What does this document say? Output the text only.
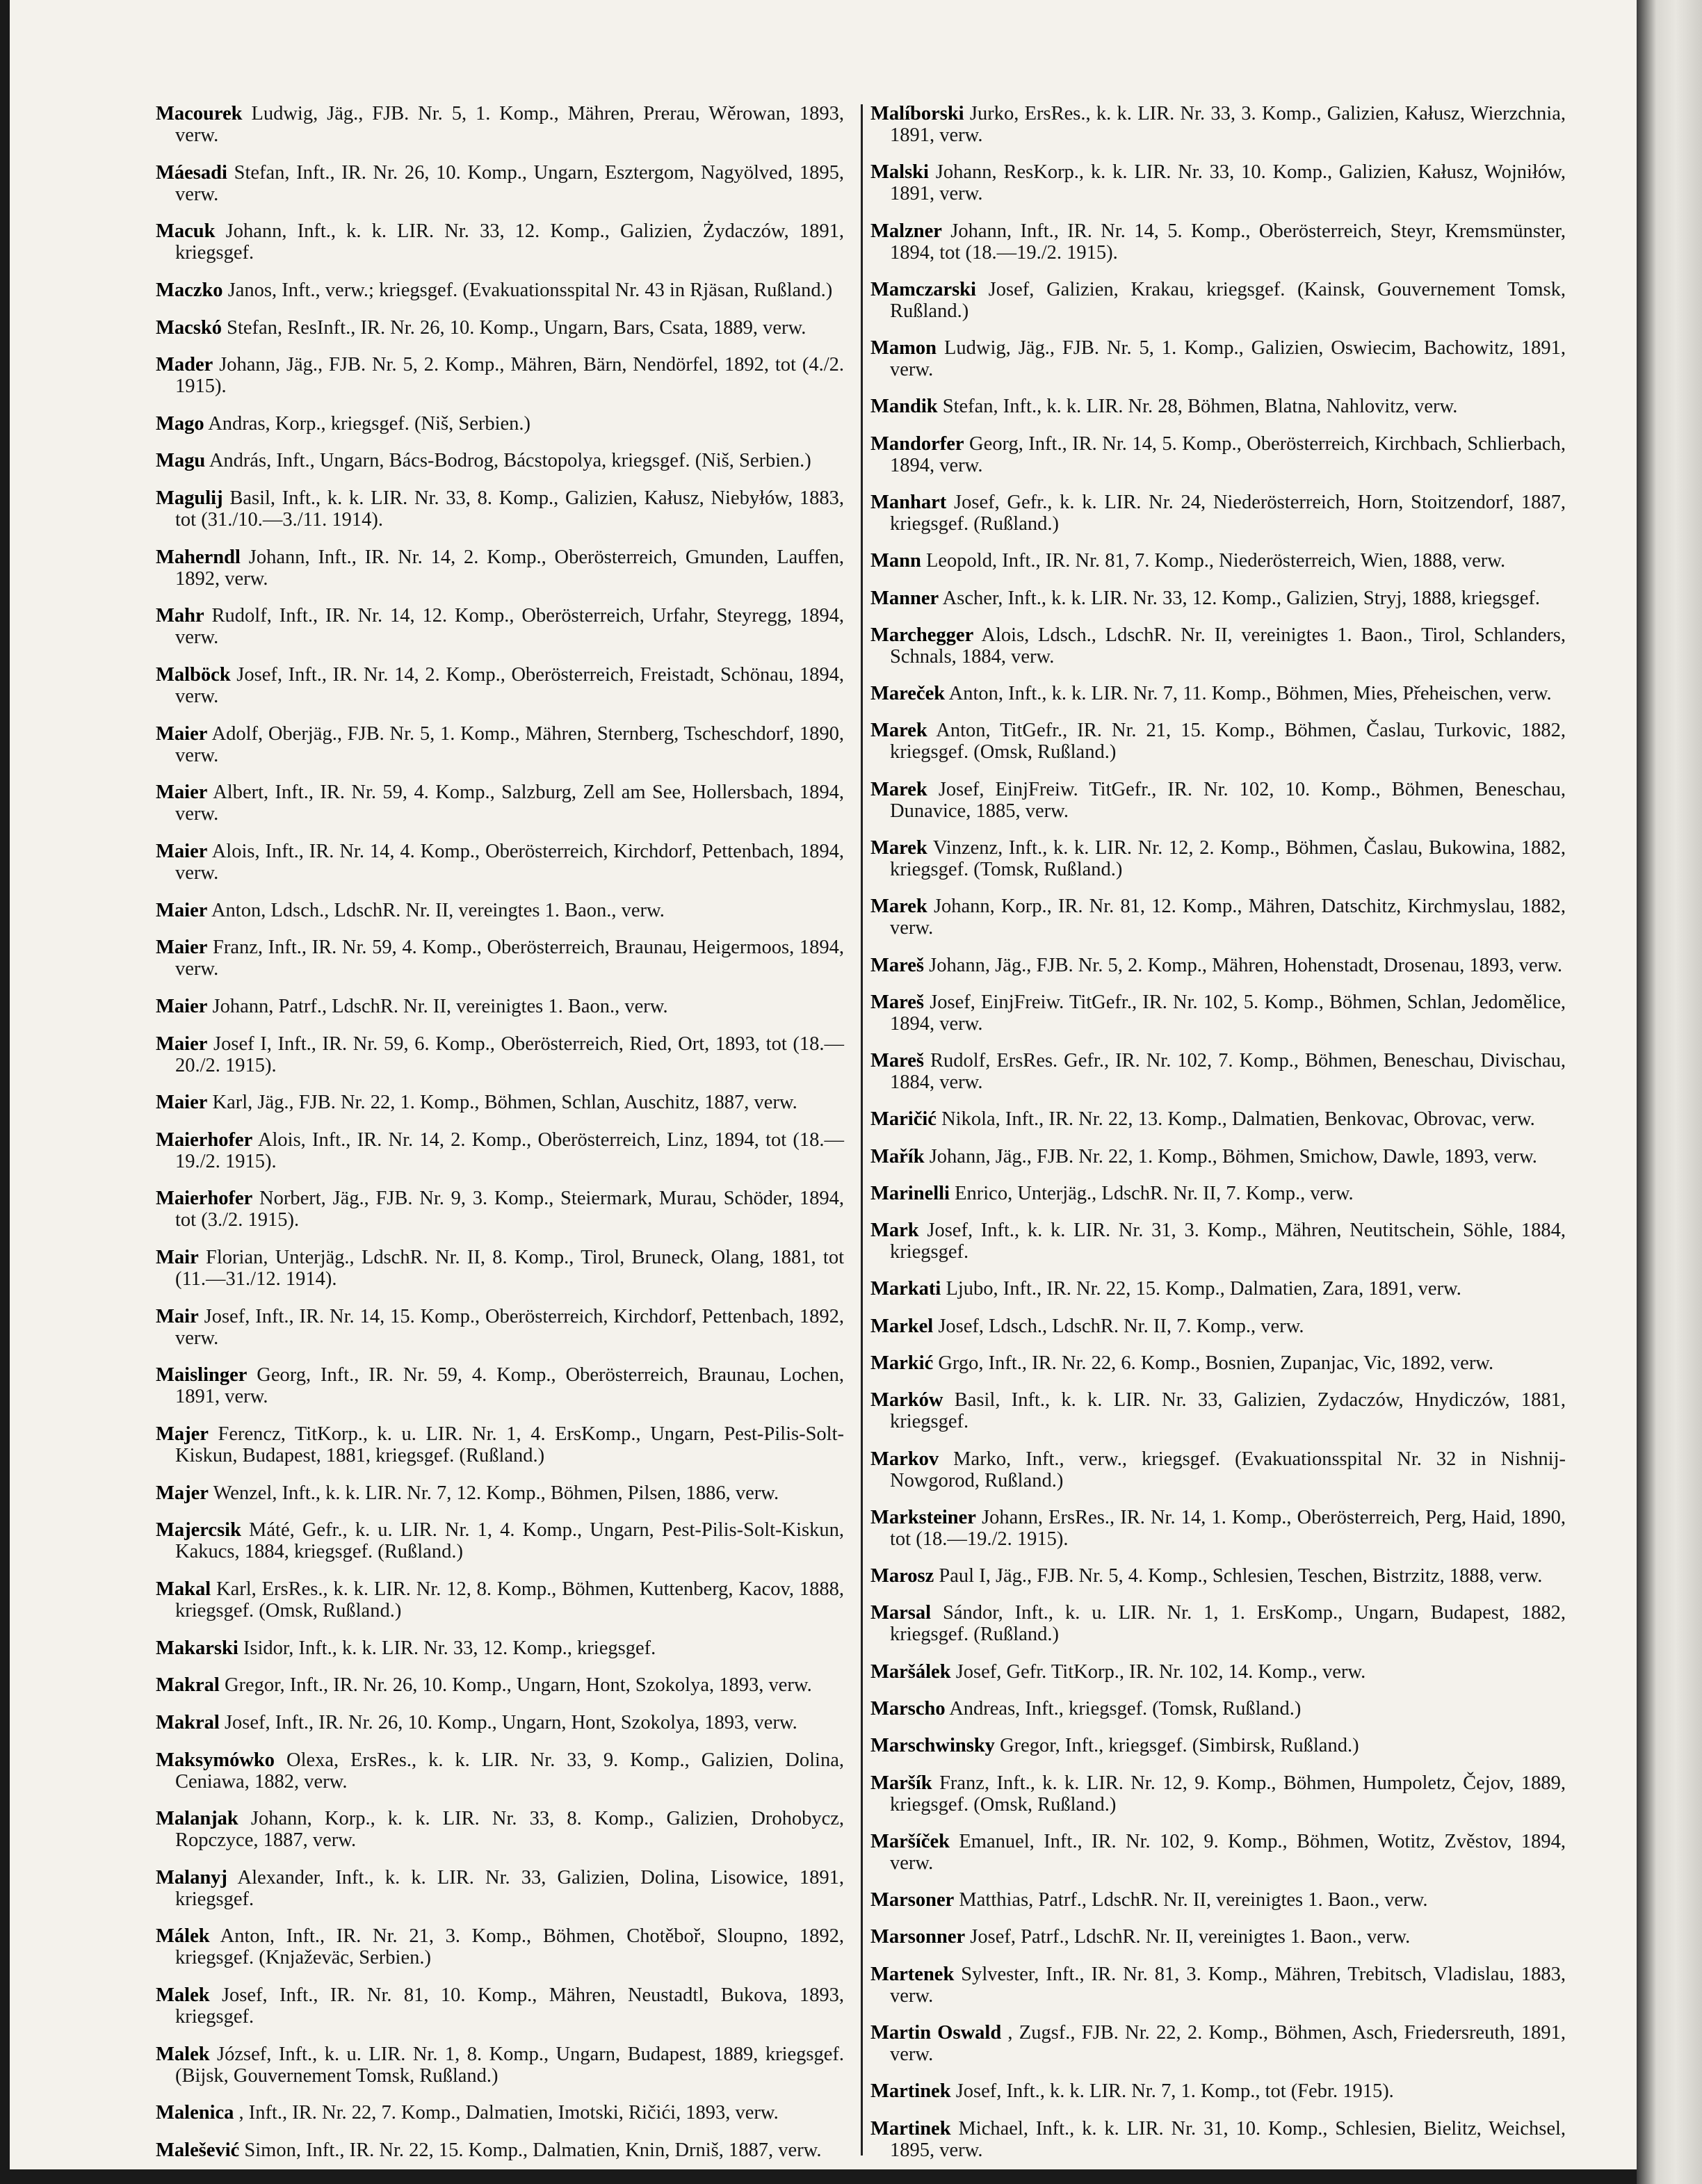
Macourek Ludwig, Jäg., FJB. Nr. 5, 1. Komp., Mähren, Prerau, Wěrowan, 1893, verw.
Máesadi Stefan, Inft., IR. Nr. 26, 10. Komp., Ungarn, Esztergom, Nagyölved, 1895, verw.
Macuk Johann, Inft., k. k. LIR. Nr. 33, 12. Komp., Galizien, Żydaczów, 1891, kriegsgef.
Maczko Janos, Inft., verw.; kriegsgef. (Evakuationsspital Nr. 43 in Rjäsan, Rußland.)
Macskó Stefan, ResInft., IR. Nr. 26, 10. Komp., Ungarn, Bars, Csata, 1889, verw.
Mader Johann, Jäg., FJB. Nr. 5, 2. Komp., Mähren, Bärn, Nendörfel, 1892, tot (4./2. 1915).
Mago Andras, Korp., kriegsgef. (Niš, Serbien.)
Magu András, Inft., Ungarn, Bács-Bodrog, Bácstopolya, kriegsgef. (Niš, Serbien.)
Magulij Basil, Inft., k. k. LIR. Nr. 33, 8. Komp., Galizien, Kałusz, Niebyłów, 1883, tot (31./10.—3./11. 1914).
Maherndl Johann, Inft., IR. Nr. 14, 2. Komp., Oberösterreich, Gmunden, Lauffen, 1892, verw.
Mahr Rudolf, Inft., IR. Nr. 14, 12. Komp., Oberösterreich, Urfahr, Steyregg, 1894, verw.
Malböck Josef, Inft., IR. Nr. 14, 2. Komp., Oberösterreich, Freistadt, Schönau, 1894, verw.
Maier Adolf, Oberjäg., FJB. Nr. 5, 1. Komp., Mähren, Sternberg, Tscheschdorf, 1890, verw.
Maier Albert, Inft., IR. Nr. 59, 4. Komp., Salzburg, Zell am See, Hollersbach, 1894, verw.
Maier Alois, Inft., IR. Nr. 14, 4. Komp., Oberösterreich, Kirchdorf, Pettenbach, 1894, verw.
Maier Anton, Ldsch., LdschR. Nr. II, vereingtes 1. Baon., verw.
Maier Franz, Inft., IR. Nr. 59, 4. Komp., Oberösterreich, Braunau, Heigermoos, 1894, verw.
Maier Johann, Patrf., LdschR. Nr. II, vereinigtes 1. Baon., verw.
Maier Josef I, Inft., IR. Nr. 59, 6. Komp., Oberösterreich, Ried, Ort, 1893, tot (18.—20./2. 1915).
Maier Karl, Jäg., FJB. Nr. 22, 1. Komp., Böhmen, Schlan, Auschitz, 1887, verw.
Maierhofer Alois, Inft., IR. Nr. 14, 2. Komp., Oberösterreich, Linz, 1894, tot (18.—19./2. 1915).
Maierhofer Norbert, Jäg., FJB. Nr. 9, 3. Komp., Steiermark, Murau, Schöder, 1894, tot (3./2. 1915).
Mair Florian, Unterjäg., LdschR. Nr. II, 8. Komp., Tirol, Bruneck, Olang, 1881, tot (11.—31./12. 1914).
Mair Josef, Inft., IR. Nr. 14, 15. Komp., Oberösterreich, Kirchdorf, Pettenbach, 1892, verw.
Maislinger Georg, Inft., IR. Nr. 59, 4. Komp., Oberösterreich, Braunau, Lochen, 1891, verw.
Majer Ferencz, TitKorp., k. u. LIR. Nr. 1, 4. ErsKomp., Ungarn, Pest-Pilis-Solt-Kiskun, Budapest, 1881, kriegsgef. (Rußland.)
Majer Wenzel, Inft., k. k. LIR. Nr. 7, 12. Komp., Böhmen, Pilsen, 1886, verw.
Majercsik Máté, Gefr., k. u. LIR. Nr. 1, 4. Komp., Ungarn, Pest-Pilis-Solt-Kiskun, Kakucs, 1884, kriegsgef. (Rußland.)
Makal Karl, ErsRes., k. k. LIR. Nr. 12, 8. Komp., Böhmen, Kuttenberg, Kacov, 1888, kriegsgef. (Omsk, Rußland.)
Makarski Isidor, Inft., k. k. LIR. Nr. 33, 12. Komp., kriegsgef.
Makral Gregor, Inft., IR. Nr. 26, 10. Komp., Ungarn, Hont, Szokolya, 1893, verw.
Makral Josef, Inft., IR. Nr. 26, 10. Komp., Ungarn, Hont, Szokolya, 1893, verw.
Maksymówko Olexa, ErsRes., k. k. LIR. Nr. 33, 9. Komp., Galizien, Dolina, Ceniawa, 1882, verw.
Malanjak Johann, Korp., k. k. LIR. Nr. 33, 8. Komp., Galizien, Drohobycz, Ropczyce, 1887, verw.
Malanyj Alexander, Inft., k. k. LIR. Nr. 33, Galizien, Dolina, Lisowice, 1891, kriegsgef.
Málek Anton, Inft., IR. Nr. 21, 3. Komp., Böhmen, Chotěboř, Sloupno, 1892, kriegsgef. (Knjaževäc, Serbien.)
Malek Josef, Inft., IR. Nr. 81, 10. Komp., Mähren, Neustadtl, Bukova, 1893, kriegsgef.
Malek József, Inft., k. u. LIR. Nr. 1, 8. Komp., Ungarn, Budapest, 1889, kriegsgef. (Bijsk, Gouvernement Tomsk, Rußland.)
Malenica , Inft., IR. Nr. 22, 7. Komp., Dalmatien, Imotski, Ričići, 1893, verw.
Malešević Simon, Inft., IR. Nr. 22, 15. Komp., Dalmatien, Knin, Drniš, 1887, verw.
Malíborski Jurko, ErsRes., k. k. LIR. Nr. 33, 3. Komp., Galizien, Kałusz, Wierzchnia, 1891, verw.
Malski Johann, ResKorp., k. k. LIR. Nr. 33, 10. Komp., Galizien, Kałusz, Wojniłów, 1891, verw.
Malzner Johann, Inft., IR. Nr. 14, 5. Komp., Oberösterreich, Steyr, Kremsmünster, 1894, tot (18.—19./2. 1915).
Mamczarski Josef, Galizien, Krakau, kriegsgef. (Kainsk, Gouvernement Tomsk, Rußland.)
Mamon Ludwig, Jäg., FJB. Nr. 5, 1. Komp., Galizien, Oswiecim, Bachowitz, 1891, verw.
Mandik Stefan, Inft., k. k. LIR. Nr. 28, Böhmen, Blatna, Nahlovitz, verw.
Mandorfer Georg, Inft., IR. Nr. 14, 5. Komp., Oberösterreich, Kirchbach, Schlierbach, 1894, verw.
Manhart Josef, Gefr., k. k. LIR. Nr. 24, Niederösterreich, Horn, Stoitzendorf, 1887, kriegsgef. (Rußland.)
Mann Leopold, Inft., IR. Nr. 81, 7. Komp., Niederösterreich, Wien, 1888, verw.
Manner Ascher, Inft., k. k. LIR. Nr. 33, 12. Komp., Galizien, Stryj, 1888, kriegsgef.
Marchegger Alois, Ldsch., LdschR. Nr. II, vereinigtes 1. Baon., Tirol, Schlanders, Schnals, 1884, verw.
Mareček Anton, Inft., k. k. LIR. Nr. 7, 11. Komp., Böhmen, Mies, Přeheischen, verw.
Marek Anton, TitGefr., IR. Nr. 21, 15. Komp., Böhmen, Časlau, Turkovic, 1882, kriegsgef. (Omsk, Rußland.)
Marek Josef, EinjFreiw. TitGefr., IR. Nr. 102, 10. Komp., Böhmen, Beneschau, Dunavice, 1885, verw.
Marek Vinzenz, Inft., k. k. LIR. Nr. 12, 2. Komp., Böhmen, Časlau, Bukowina, 1882, kriegsgef. (Tomsk, Rußland.)
Marek Johann, Korp., IR. Nr. 81, 12. Komp., Mähren, Datschitz, Kirchmyslau, 1882, verw.
Mareš Johann, Jäg., FJB. Nr. 5, 2. Komp., Mähren, Hohenstadt, Drosenau, 1893, verw.
Mareš Josef, EinjFreiw. TitGefr., IR. Nr. 102, 5. Komp., Böhmen, Schlan, Jedomělice, 1894, verw.
Mareš Rudolf, ErsRes. Gefr., IR. Nr. 102, 7. Komp., Böhmen, Beneschau, Divischau, 1884, verw.
Maričić Nikola, Inft., IR. Nr. 22, 13. Komp., Dalmatien, Benkovac, Obrovac, verw.
Mařík Johann, Jäg., FJB. Nr. 22, 1. Komp., Böhmen, Smichow, Dawle, 1893, verw.
Marinelli Enrico, Unterjäg., LdschR. Nr. II, 7. Komp., verw.
Mark Josef, Inft., k. k. LIR. Nr. 31, 3. Komp., Mähren, Neutitschein, Söhle, 1884, kriegsgef.
Markati Ljubo, Inft., IR. Nr. 22, 15. Komp., Dalmatien, Zara, 1891, verw.
Markel Josef, Ldsch., LdschR. Nr. II, 7. Komp., verw.
Markić Grgo, Inft., IR. Nr. 22, 6. Komp., Bosnien, Zupanjac, Vic, 1892, verw.
Marków Basil, Inft., k. k. LIR. Nr. 33, Galizien, Zydaczów, Hnydiczów, 1881, kriegsgef.
Markov Marko, Inft., verw., kriegsgef. (Evakuationsspital Nr. 32 in Nishnij-Nowgorod, Rußland.)
Marksteiner Johann, ErsRes., IR. Nr. 14, 1. Komp., Oberösterreich, Perg, Haid, 1890, tot (18.—19./2. 1915).
Marosz Paul I, Jäg., FJB. Nr. 5, 4. Komp., Schlesien, Teschen, Bistrzitz, 1888, verw.
Marsal Sándor, Inft., k. u. LIR. Nr. 1, 1. ErsKomp., Ungarn, Budapest, 1882, kriegsgef. (Rußland.)
Maršálek Josef, Gefr. TitKorp., IR. Nr. 102, 14. Komp., verw.
Marscho Andreas, Inft., kriegsgef. (Tomsk, Rußland.)
Marschwinsky Gregor, Inft., kriegsgef. (Simbirsk, Rußland.)
Maršík Franz, Inft., k. k. LIR. Nr. 12, 9. Komp., Böhmen, Humpoletz, Čejov, 1889, kriegsgef. (Omsk, Rußland.)
Maršíček Emanuel, Inft., IR. Nr. 102, 9. Komp., Böhmen, Wotitz, Zvěstov, 1894, verw.
Marsoner Matthias, Patrf., LdschR. Nr. II, vereinigtes 1. Baon., verw.
Marsonner Josef, Patrf., LdschR. Nr. II, vereinigtes 1. Baon., verw.
Martenek Sylvester, Inft., IR. Nr. 81, 3. Komp., Mähren, Trebitsch, Vladislau, 1883, verw.
Martin Oswald , Zugsf., FJB. Nr. 22, 2. Komp., Böhmen, Asch, Friedersreuth, 1891, verw.
Martinek Josef, Inft., k. k. LIR. Nr. 7, 1. Komp., tot (Febr. 1915).
Martinek Michael, Inft., k. k. LIR. Nr. 31, 10. Komp., Schlesien, Bielitz, Weichsel, 1895, verw.
